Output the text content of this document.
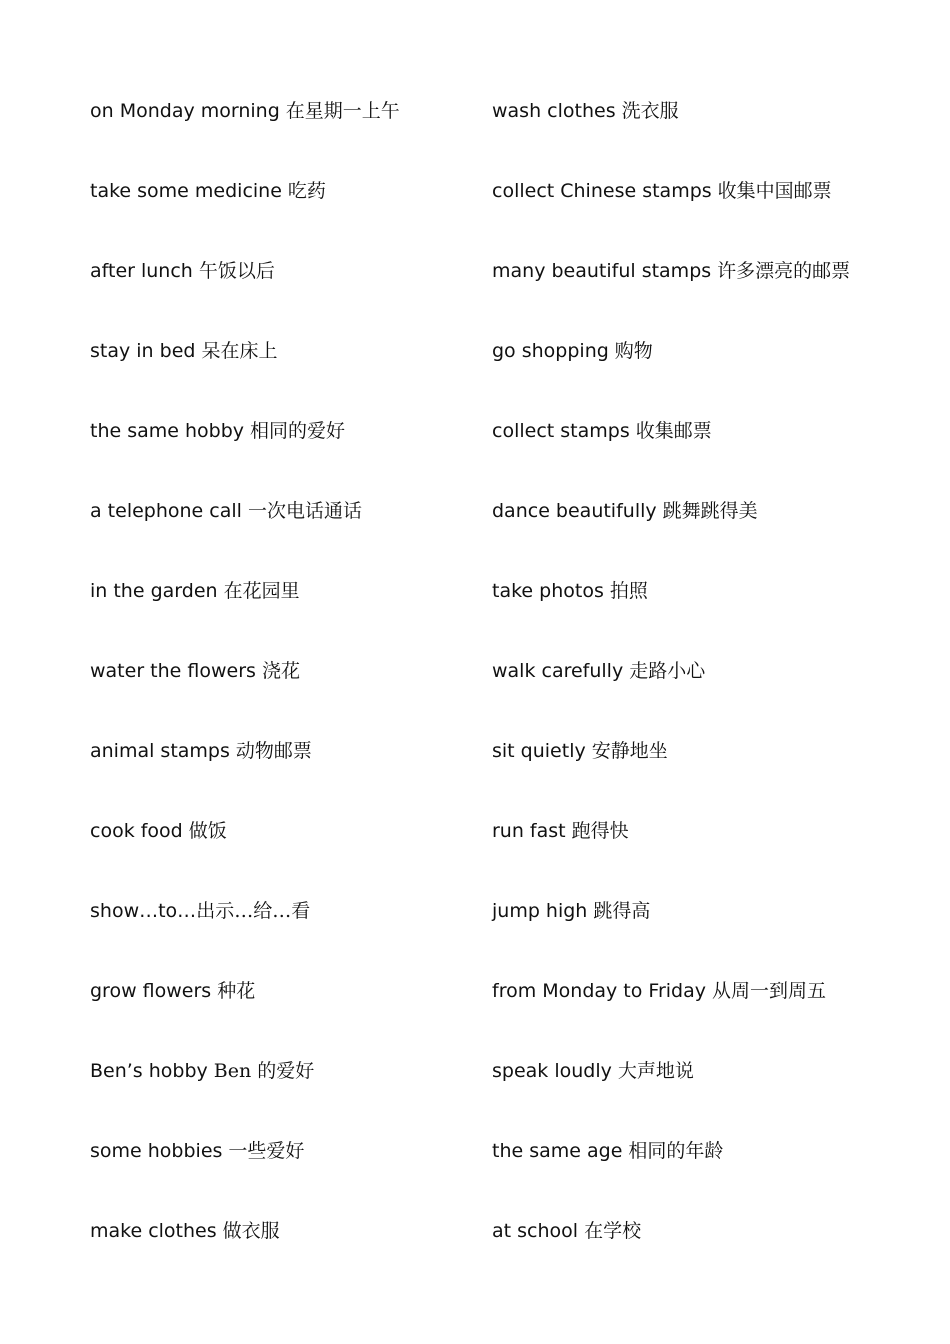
on Monday morning 在星期一上午
take some medicine 吃药
after lunch 午饭以后
stay in bed 呆在床上
the same hobby 相同的爱好
a telephone call 一次电话通话
in the garden 在花园里
water the flowers 浇花
animal stamps 动物邮票
cook food 做饭
show…to…出示…给…看
grow flowers 种花
Ben’s hobby Ben 的爱好
some hobbies 一些爱好
make clothes 做衣服
wash clothes 洗衣服
collect Chinese stamps 收集中国邮票
many beautiful stamps 许多漂亮的邮票
go shopping 购物
collect stamps 收集邮票
dance beautifully 跳舞跳得美
take photos 拍照
walk carefully 走路小心
sit quietly 安静地坐
run fast 跑得快
jump high 跳得高
from Monday to Friday 从周一到周五
speak loudly 大声地说
the same age 相同的年龄
at school 在学校
